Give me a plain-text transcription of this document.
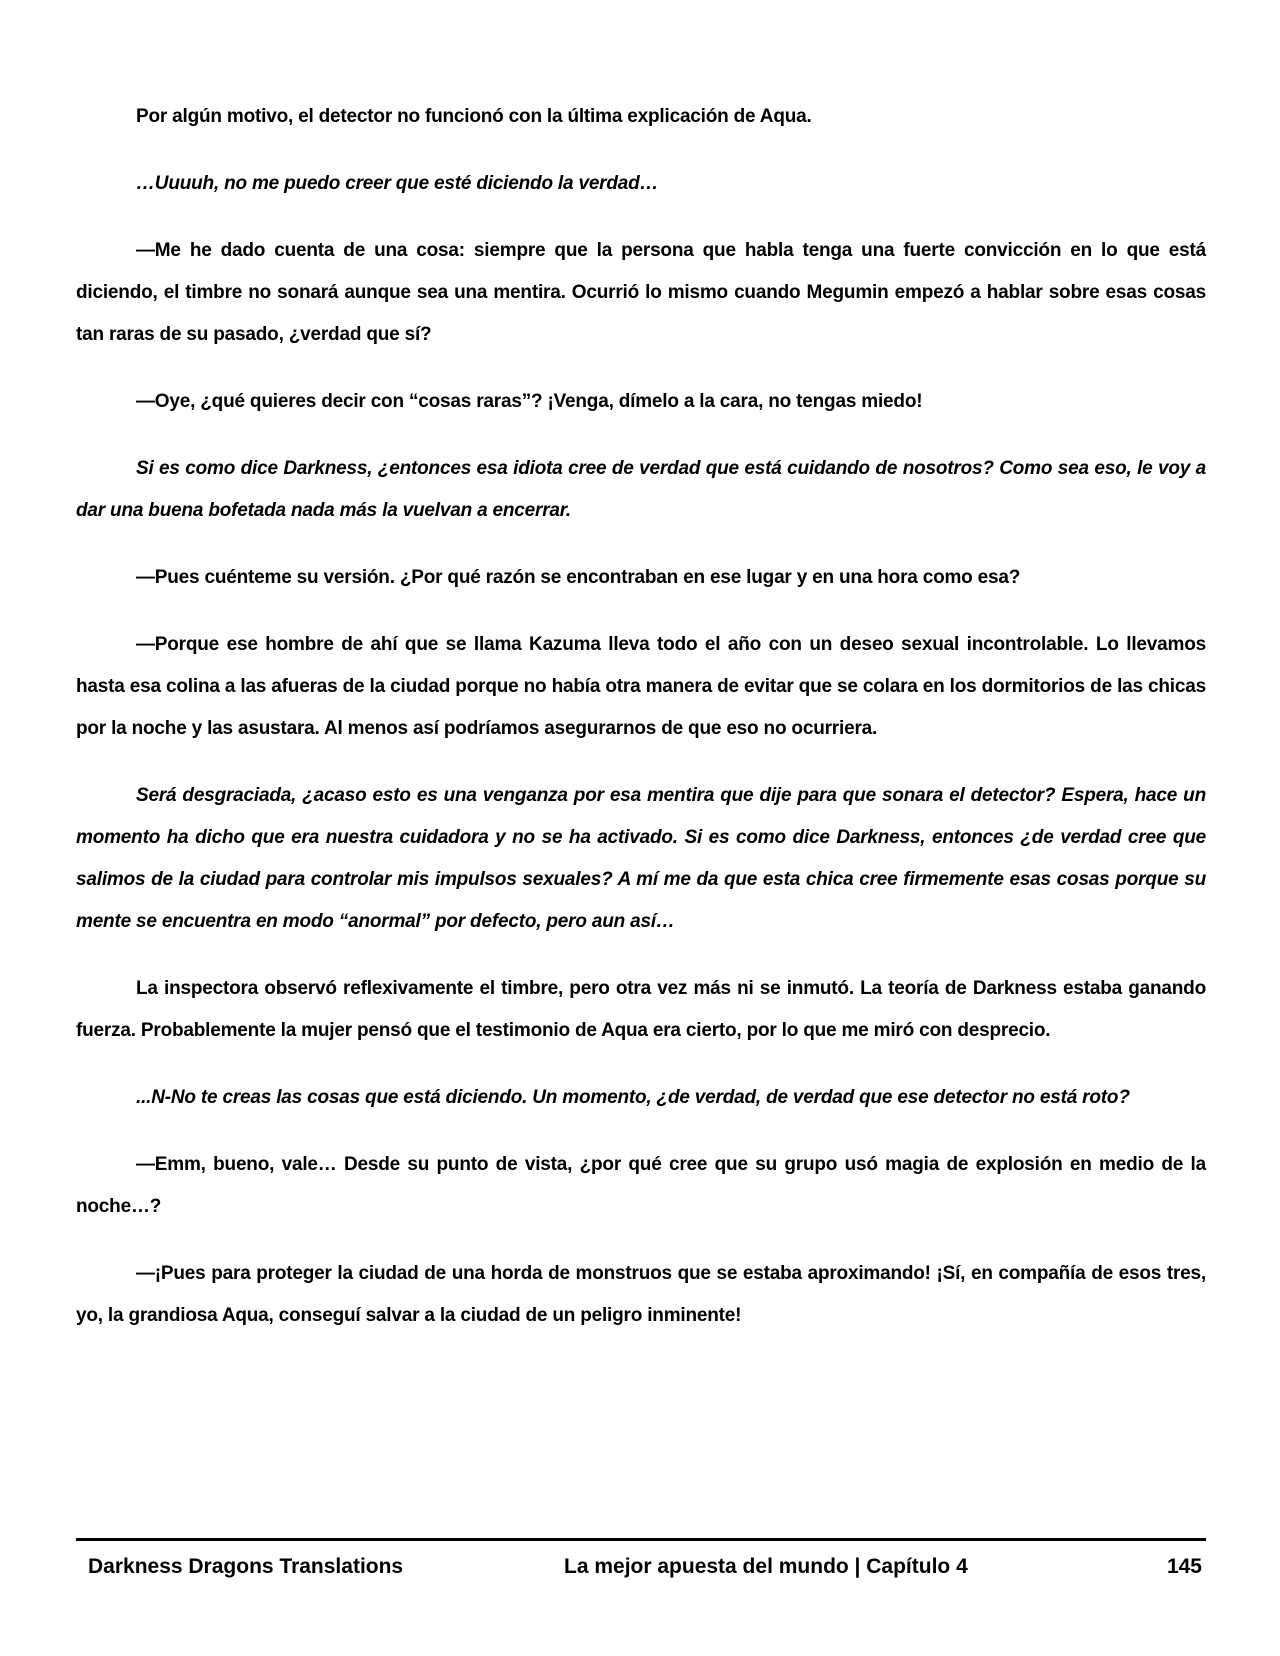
Por algún motivo, el detector no funcionó con la última explicación de Aqua.

…Uuuuh, no me puedo creer que esté diciendo la verdad…

—Me he dado cuenta de una cosa: siempre que la persona que habla tenga una fuerte convicción en lo que está diciendo, el timbre no sonará aunque sea una mentira. Ocurrió lo mismo cuando Megumin empezó a hablar sobre esas cosas tan raras de su pasado, ¿verdad que sí?

—Oye, ¿qué quieres decir con “cosas raras”? ¡Venga, dímelo a la cara, no tengas miedo!

Si es como dice Darkness, ¿entonces esa idiota cree de verdad que está cuidando de nosotros? Como sea eso, le voy a dar una buena bofetada nada más la vuelvan a encerrar.

—Pues cuénteme su versión. ¿Por qué razón se encontraban en ese lugar y en una hora como esa?

—Porque ese hombre de ahí que se llama Kazuma lleva todo el año con un deseo sexual incontrolable. Lo llevamos hasta esa colina a las afueras de la ciudad porque no había otra manera de evitar que se colara en los dormitorios de las chicas por la noche y las asustara. Al menos así podríamos asegurarnos de que eso no ocurriera.

Será desgraciada, ¿acaso esto es una venganza por esa mentira que dije para que sonara el detector? Espera, hace un momento ha dicho que era nuestra cuidadora y no se ha activado. Si es como dice Darkness, entonces ¿de verdad cree que salimos de la ciudad para controlar mis impulsos sexuales? A mí me da que esta chica cree firmemente esas cosas porque su mente se encuentra en modo “anormal” por defecto, pero aun así…

La inspectora observó reflexivamente el timbre, pero otra vez más ni se inmutó. La teoría de Darkness estaba ganando fuerza. Probablemente la mujer pensó que el testimonio de Aqua era cierto, por lo que me miró con desprecio.

...N-No te creas las cosas que está diciendo. Un momento, ¿de verdad, de verdad que ese detector no está roto?

—Emm, bueno, vale… Desde su punto de vista, ¿por qué cree que su grupo usó magia de explosión en medio de la noche…?

—¡Pues para proteger la ciudad de una horda de monstruos que se estaba aproximando! ¡Sí, en compañía de esos tres, yo, la grandiosa Aqua, conseguí salvar a la ciudad de un peligro inminente!

Darkness Dragons Translations	La mejor apuesta del mundo | Capítulo 4	145
